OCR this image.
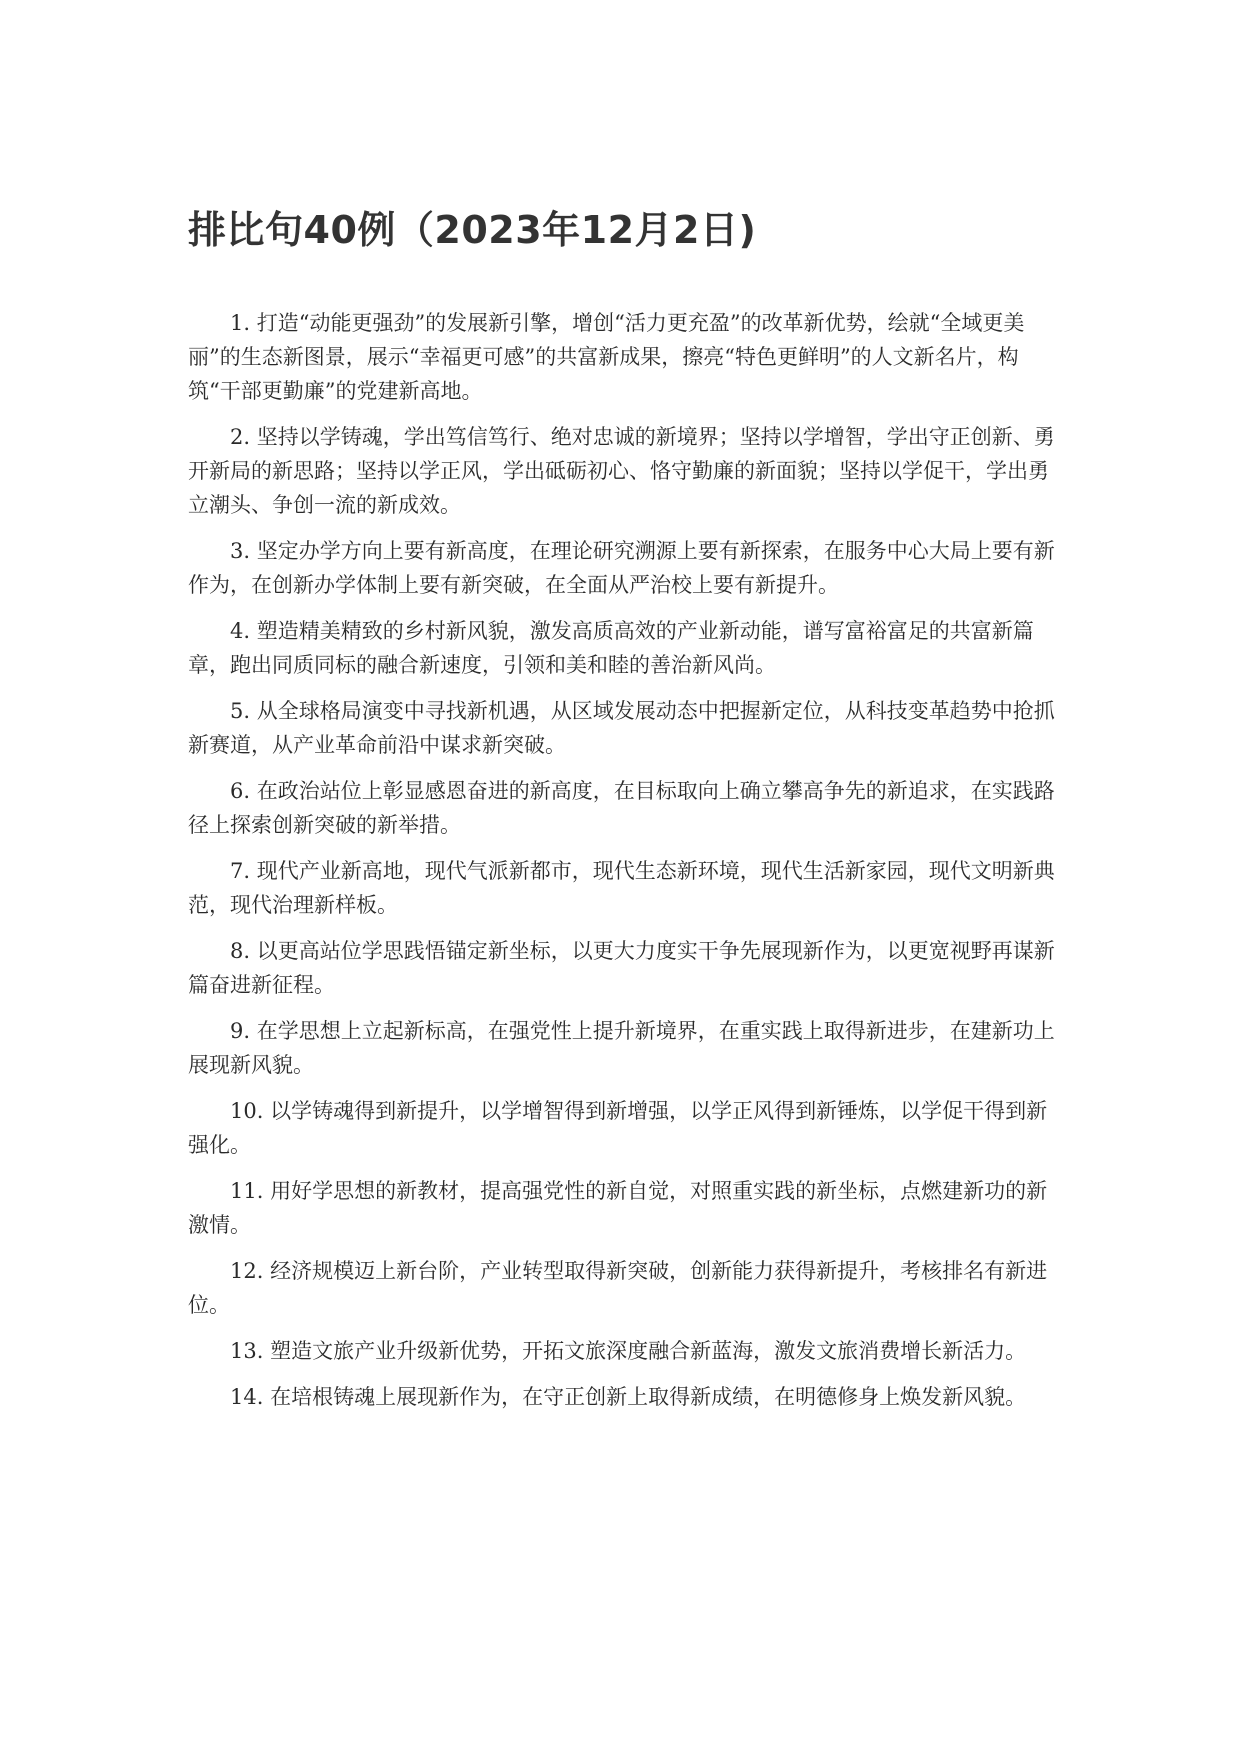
排比句40例（2023年12月2日)

1. 打造“动能更强劲”的发展新引擎，增创“活力更充盈”的改革新优势，绘就“全域更美丽”的生态新图景，展示“幸福更可感”的共富新成果，擦亮“特色更鲜明”的人文新名片，构筑“干部更勤廉”的党建新高地。

2. 坚持以学铸魂，学出笃信笃行、绝对忠诚的新境界；坚持以学增智，学出守正创新、勇开新局的新思路；坚持以学正风，学出砥砺初心、恪守勤廉的新面貌；坚持以学促干，学出勇立潮头、争创一流的新成效。

3. 坚定办学方向上要有新高度，在理论研究溯源上要有新探索，在服务中心大局上要有新作为，在创新办学体制上要有新突破，在全面从严治校上要有新提升。

4. 塑造精美精致的乡村新风貌，激发高质高效的产业新动能，谱写富裕富足的共富新篇章，跑出同质同标的融合新速度，引领和美和睦的善治新风尚。

5. 从全球格局演变中寻找新机遇，从区域发展动态中把握新定位，从科技变革趋势中抢抓新赛道，从产业革命前沿中谋求新突破。

6. 在政治站位上彰显感恩奋进的新高度，在目标取向上确立攀高争先的新追求，在实践路径上探索创新突破的新举措。

7. 现代产业新高地，现代气派新都市，现代生态新环境，现代生活新家园，现代文明新典范，现代治理新样板。

8. 以更高站位学思践悟锚定新坐标，以更大力度实干争先展现新作为，以更宽视野再谋新篇奋进新征程。

9. 在学思想上立起新标高，在强党性上提升新境界，在重实践上取得新进步，在建新功上展现新风貌。

10. 以学铸魂得到新提升，以学增智得到新增强，以学正风得到新锤炼，以学促干得到新强化。

11. 用好学思想的新教材，提高强党性的新自觉，对照重实践的新坐标，点燃建新功的新激情。

12. 经济规模迈上新台阶，产业转型取得新突破，创新能力获得新提升，考核排名有新进位。

13. 塑造文旅产业升级新优势，开拓文旅深度融合新蓝海，激发文旅消费增长新活力。

14. 在培根铸魂上展现新作为，在守正创新上取得新成绩，在明德修身上焕发新风貌。
